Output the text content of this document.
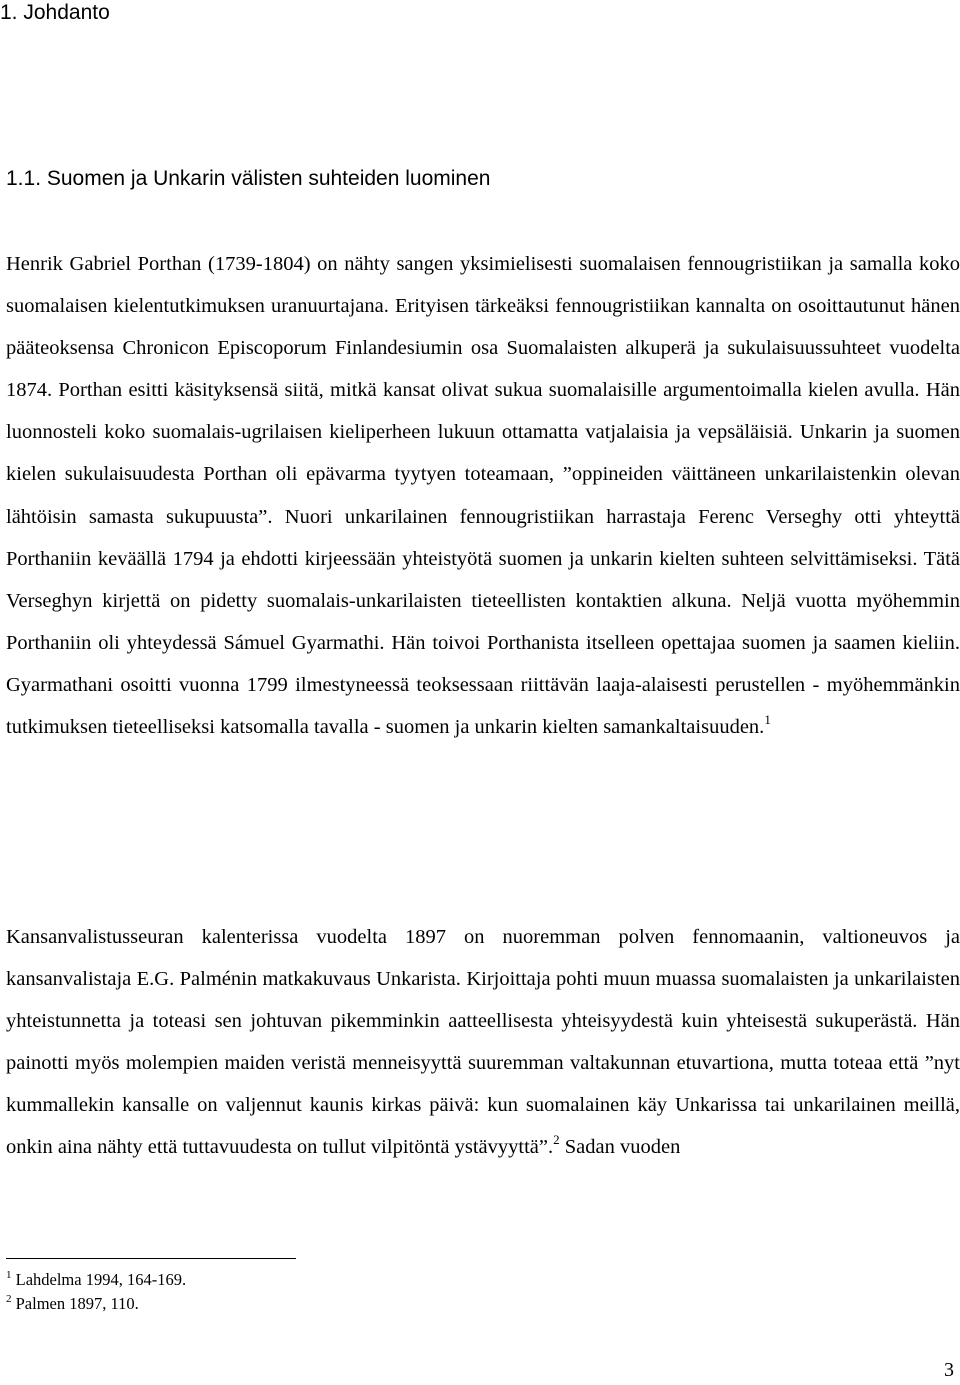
1. Johdanto
1.1. Suomen ja Unkarin välisten suhteiden luominen

Henrik Gabriel Porthan (1739-1804) on nähty sangen yksimielisesti suomalaisen fennougristiikan ja samalla koko suomalaisen kielentutkimuksen uranuurtajana. Erityisen tärkeäksi fennougristiikan kannalta on osoittautunut hänen pääteoksensa Chronicon Episcoporum Finlandesiumin osa Suomalaisten alkuperä ja sukulaisuussuhteet vuodelta 1874. Porthan esitti käsityksensä siitä, mitkä kansat olivat sukua suomalaisille argumentoimalla kielen avulla. Hän luonnosteli koko suomalais-ugrilaisen kieliperheen lukuun ottamatta vatjalaisia ja vepsäläisiä. Unkarin ja suomen kielen sukulaisuudesta Porthan oli epävarma tyytyen toteamaan, ”oppineiden väittäneen unkarilaistenkin olevan lähtöisin samasta sukupuusta”. Nuori unkarilainen fennougristiikan harrastaja Ferenc Verseghy otti yhteyttä Porthaniin keväällä 1794 ja ehdotti kirjeessään yhteistyötä suomen ja unkarin kielten suhteen selvittämiseksi. Tätä Verseghyn kirjettä on pidetty suomalais-unkarilaisten tieteellisten kontaktien alkuna. Neljä vuotta myöhemmin Porthaniin oli yhteydessä Sámuel Gyarmathi. Hän toivoi Porthanista itselleen opettajaa suomen ja saamen kieliin. Gyarmathani osoitti vuonna 1799 ilmestyneessä teoksessaan riittävän laaja-alaisesti perustellen - myöhemmänkin tutkimuksen tieteelliseksi katsomalla tavalla - suomen ja unkarin kielten samankaltaisuuden.$^1$

Kansanvalistusseuran kalenterissa vuodelta 1897 on nuoremman polven fennomaanin, valtioneuvos ja kansanvalistaja E.G. Palménin matkakuvaus Unkarista. Kirjoittaja pohti muun muassa suomalaisten ja unkarilaisten yhteistunnetta ja toteasi sen johtuvan pikemminkin aatteellisesta yhteisyydestä kuin yhteisestä sukuperästä. Hän painotti myös molempien maiden veristä menneisyyttä suuremman valtakunnan etuvartiona, mutta toteaa että ”nyt kummallekin kansalle on valjennut kaunis kirkas päivä: kun suomalainen käy Unkarissa tai unkarilainen meillä, onkin aina nähty että tuttavuudesta on tullut vilpitöntä ystävyyttä”.$^2$ Sadan vuoden

$^1$ Lahdelma 1994, 164-169.

$^2$ Palmen 1897, 110.

3
